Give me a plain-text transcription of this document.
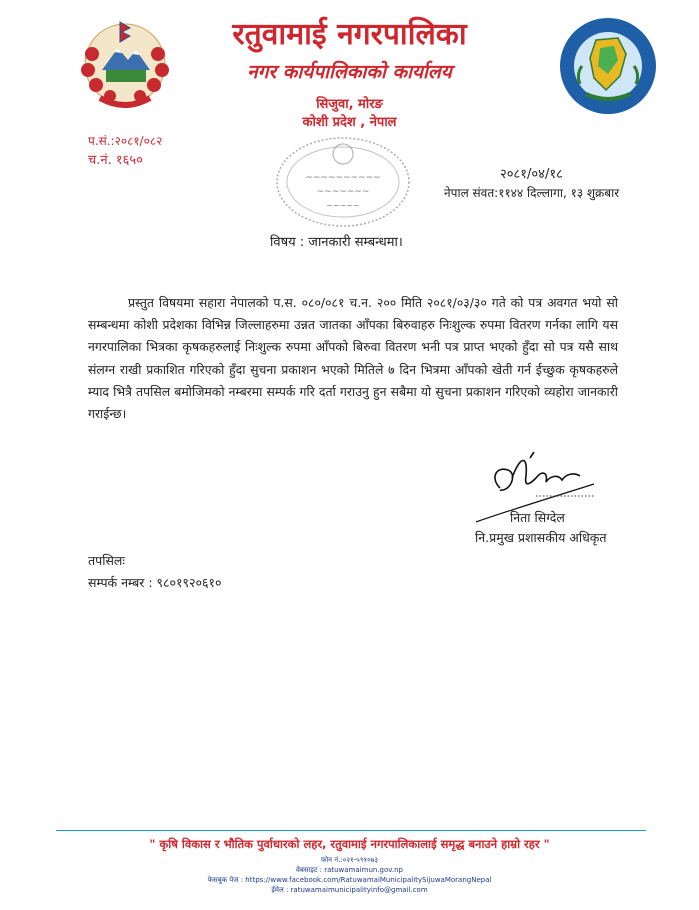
रतुवामाई नगरपालिका
नगर कार्यपालिकाको कार्यालय
सिजुवा, मोरङ
कोशी प्रदेश , नेपाल
प.सं.:२०८१/०८२
च.नं. १६५०
~~~~~~~~~~
~~~~~~~
~~~~~
२०८१/०४/१८
नेपाल संवत:११४४ दिल्लागा, १३ शुक्रबार
विषय : जानकारी सम्बन्धमा।

प्रस्तुत विषयमा सहारा नेपालको प.स. ०८०/०८१ च.न. २०० मिति २०८१/०३/३० गते को पत्र अवगत भयो सो सम्बन्धमा कोशी प्रदेशका विभिन्न जिल्लाहरुमा उन्नत जातका आँपका बिरुवाहरु निःशुल्क रुपमा वितरण गर्नका लागि यस नगरपालिका भित्रका कृषकहरुलाई निःशुल्क रुपमा आँपको बिरुवा वितरण भनी पत्र प्राप्त भएको हुँदा सो पत्र यसै साथ संलग्न राखी प्रकाशित गरिएको हुँदा सुचना प्रकाशन भएको मितिले ७ दिन भित्रमा आँपको खेती गर्न ईच्छुक कृषकहरुले म्याद भित्रै तपसिल बमोजिमको नम्बरमा सम्पर्क गरि दर्ता गराउनु हुन सबैमा यो सुचना प्रकाशन गरिएको व्यहोरा जानकारी गराईन्छ।

निता सिग्देल
नि.प्रमुख प्रशासकीय अधिकृत
तपसिलः
सम्पर्क नम्बर : ९८०१९२०६१०
" कृषि विकास र भौतिक पुर्वाधारको लहर, रतुवामाई नगरपालिकालाई समृद्ध बनाउने हाम्रो रहर "
फोन नं.:०२१-५९१०७३
वेबसाइट : ratuwamaimun.gov.np
फेसबुक पेज : https://www.facebook.com/RatuwamaiMunicipalitySijuwaMorangNepal
ईमेल : ratuwamaimunicipalityinfo@gmail.com
